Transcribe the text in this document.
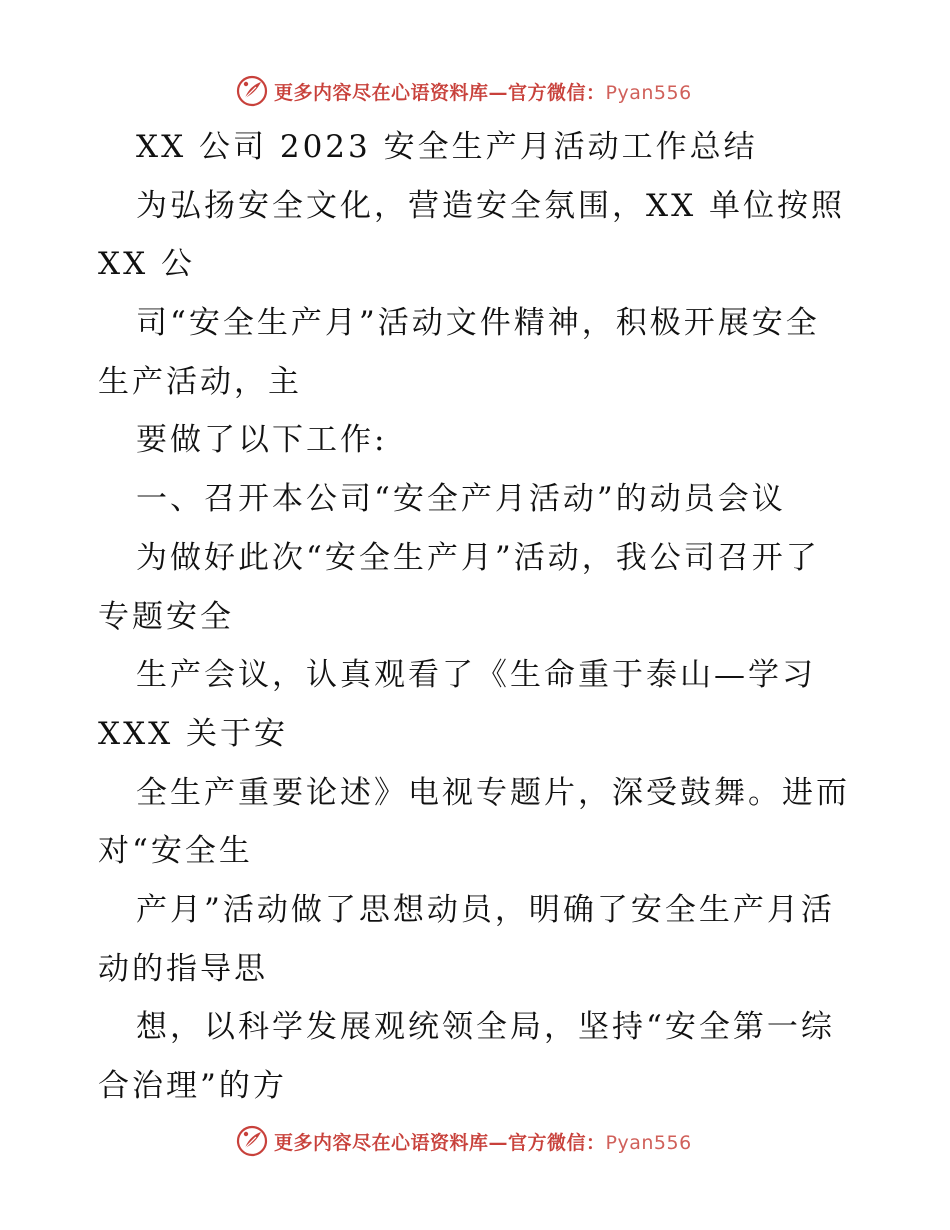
更多内容尽在心语资料库—官方微信：Pyan556
XX 公司 2023 安全生产月活动工作总结
为弘扬安全文化，营造安全氛围，XX 单位按照
XX 公
司“安全生产月”活动文件精神，积极开展安全
生产活动，主
要做了以下工作:
一、召开本公司“安全产月活动”的动员会议
为做好此次“安全生产月”活动，我公司召开了
专题安全
生产会议，认真观看了《生命重于泰山—学习
XXX 关于安
全生产重要论述》电视专题片，深受鼓舞。进而
对“安全生
产月”活动做了思想动员，明确了安全生产月活
动的指导思
想，以科学发展观统领全局，坚持“安全第一综
合治理”的方
更多内容尽在心语资料库—官方微信：Pyan556
